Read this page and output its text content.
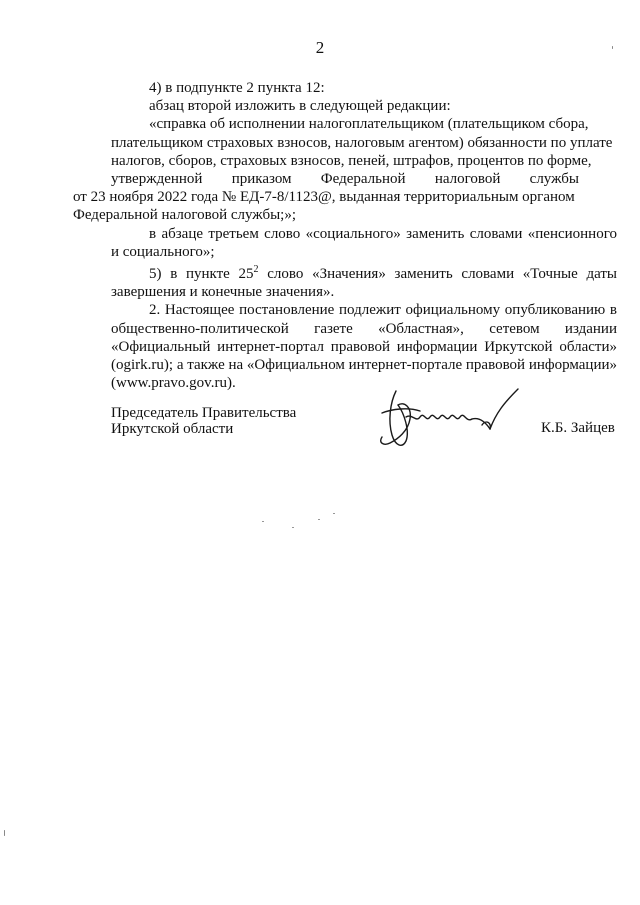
2

4) в подпункте 2 пункта 12:

абзац второй изложить в следующей редакции:

«справка об исполнении налогоплательщиком (плательщиком сбора,
плательщиком страховых взносов, налоговым агентом) обязанности по уплате
налогов, сборов, страховых взносов, пеней, штрафов, процентов по форме,
утвержденной приказом Федеральной налоговой службы
от 23 ноября 2022 года № ЕД-7-8/1123@, выданная территориальным органом
Федеральной налоговой службы;»;

в абзаце третьем слово «социального» заменить словами «пенсионного и социального»;

5) в пункте $25^2$ слово «Значения» заменить словами «Точные даты завершения и конечные значения».

2. Настоящее постановление подлежит официальному опубликованию в общественно-политической газете «Областная», сетевом издании «Официальный интернет-портал правовой информации Иркутской области» (ogirk.ru); а также на «Официальном интернет-портале правовой информации» (www.pravo.gov.ru).

Председатель Правительства
Иркутской области	К.Б. Зайцев
